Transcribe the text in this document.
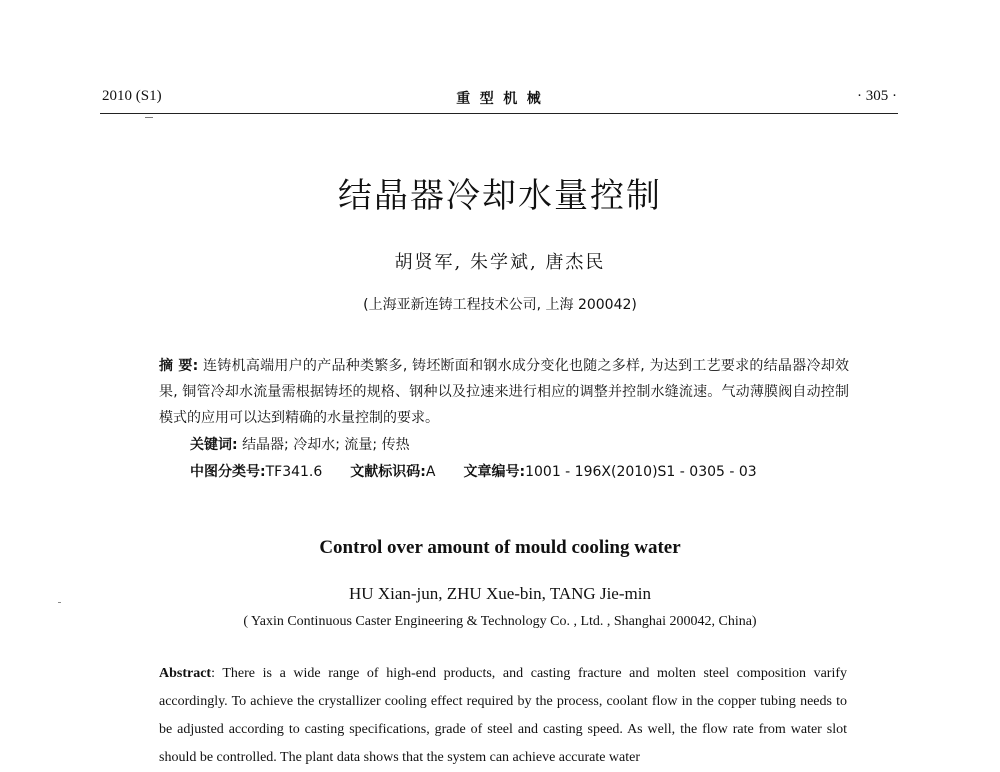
2010 (S1)	重 型 机 械	· 305 ·
结晶器冷却水量控制
胡贤军, 朱学斌, 唐杰民
(上海亚新连铸工程技术公司, 上海 200042)
摘 要: 连铸机高端用户的产品种类繁多, 铸坯断面和钢水成分变化也随之多样, 为达到工艺要求的结晶器冷却效果, 铜管冷却水流量需根据铸坯的规格、钢种以及拉速来进行相应的调整并控制水缝流速。气动薄膜阀自动控制模式的应用可以达到精确的水量控制的要求。
关键词: 结晶器; 冷却水; 流量; 传热
中图分类号:TF341.6 文献标识码:A 文章编号:1001 - 196X(2010)S1 - 0305 - 03
Control over amount of mould cooling water
HU Xian-jun, ZHU Xue-bin, TANG Jie-min
( Yaxin Continuous Caster Engineering & Technology Co. , Ltd. , Shanghai 200042, China)
Abstract: There is a wide range of high-end products, and casting fracture and molten steel composition varify accordingly. To achieve the crystallizer cooling effect required by the process, coolant flow in the copper tubing needs to be adjusted according to casting specifications, grade of steel and casting speed. As well, the flow rate from water slot should be controlled. The plant data shows that the system can achieve accurate water
